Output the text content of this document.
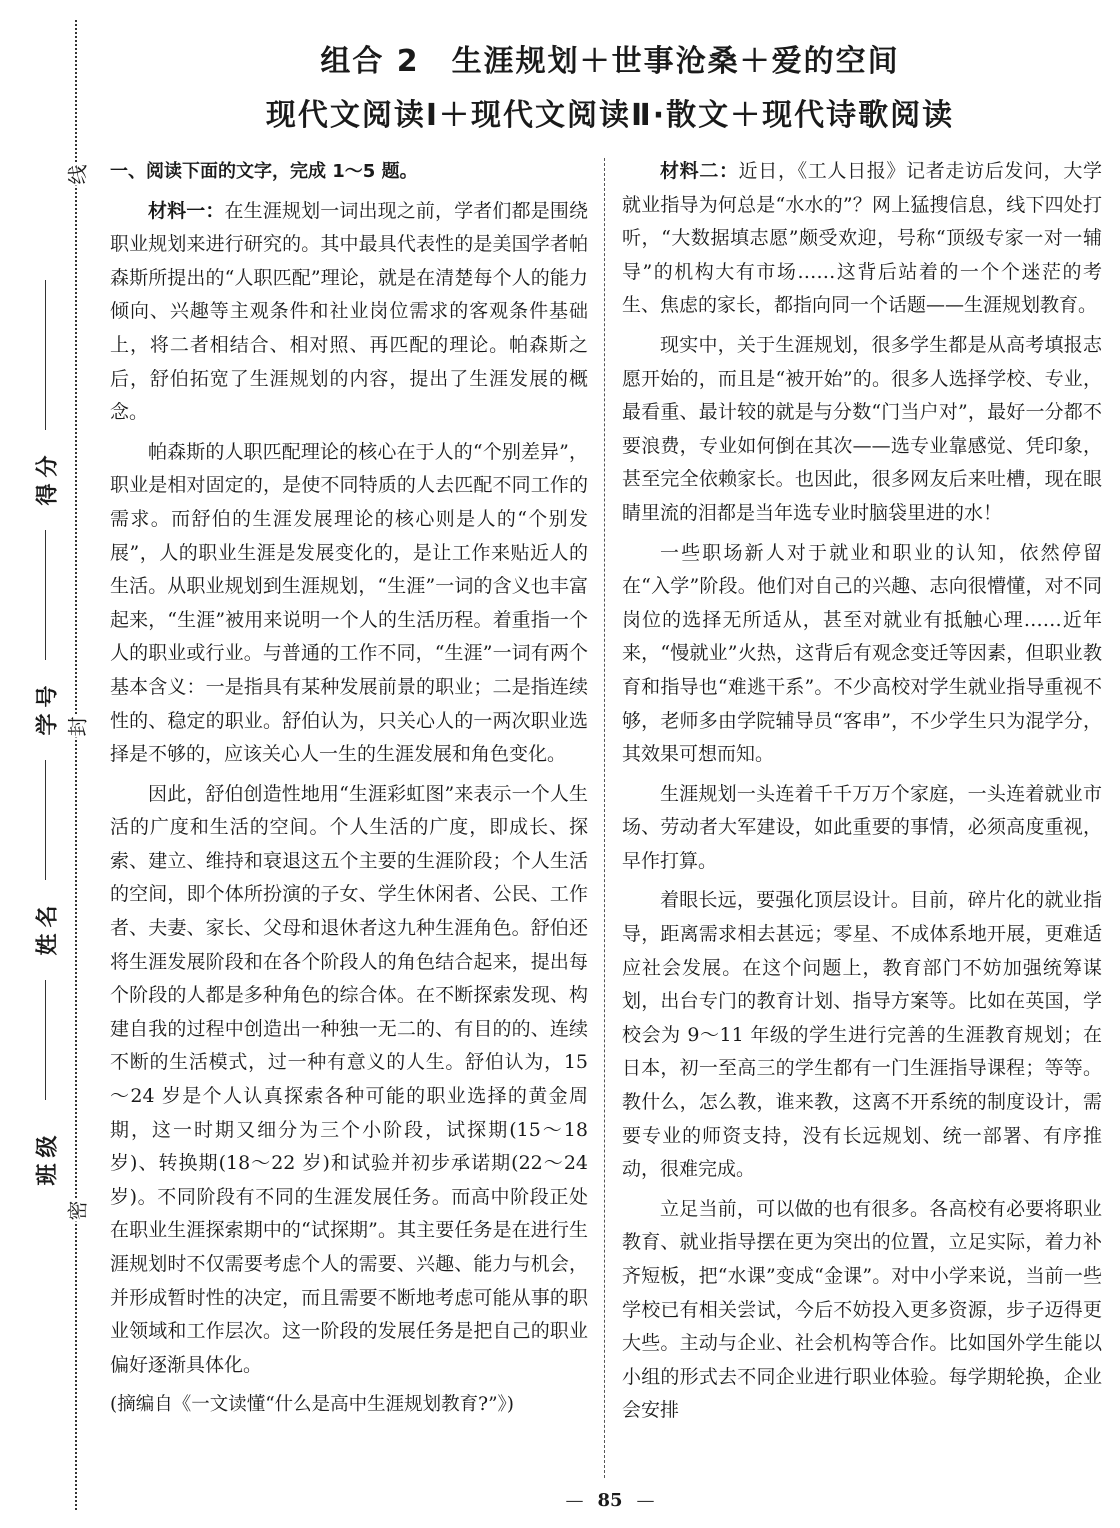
线
封
密
得分
学号
姓名
班级
组合 2　生涯规划＋世事沧桑＋爱的空间
现代文阅读Ⅰ＋现代文阅读Ⅱ·散文＋现代诗歌阅读

一、阅读下面的文字，完成 1～5 题。

材料一：在生涯规划一词出现之前，学者们都是围绕职业规划来进行研究的。其中最具代表性的是美国学者帕森斯所提出的“人职匹配”理论，就是在清楚每个人的能力倾向、兴趣等主观条件和社业岗位需求的客观条件基础上，将二者相结合、相对照、再匹配的理论。帕森斯之后，舒伯拓宽了生涯规划的内容，提出了生涯发展的概念。

帕森斯的人职匹配理论的核心在于人的“个别差异”，职业是相对固定的，是使不同特质的人去匹配不同工作的需求。而舒伯的生涯发展理论的核心则是人的“个别发展”，人的职业生涯是发展变化的，是让工作来贴近人的生活。从职业规划到生涯规划，“生涯”一词的含义也丰富起来，“生涯”被用来说明一个人的生活历程。着重指一个人的职业或行业。与普通的工作不同，“生涯”一词有两个基本含义：一是指具有某种发展前景的职业；二是指连续性的、稳定的职业。舒伯认为，只关心人的一两次职业选择是不够的，应该关心人一生的生涯发展和角色变化。

因此，舒伯创造性地用“生涯彩虹图”来表示一个人生活的广度和生活的空间。个人生活的广度，即成长、探索、建立、维持和衰退这五个主要的生涯阶段；个人生活的空间，即个体所扮演的子女、学生休闲者、公民、工作者、夫妻、家长、父母和退休者这九种生涯角色。舒伯还将生涯发展阶段和在各个阶段人的角色结合起来，提出每个阶段的人都是多种角色的综合体。在不断探索发现、构建自我的过程中创造出一种独一无二的、有目的的、连续不断的生活模式，过一种有意义的人生。舒伯认为，15～24 岁是个人认真探索各种可能的职业选择的黄金周期，这一时期又细分为三个小阶段，试探期(15～18 岁)、转换期(18～22 岁)和试验并初步承诺期(22～24 岁)。不同阶段有不同的生涯发展任务。而高中阶段正处在职业生涯探索期中的“试探期”。其主要任务是在进行生涯规划时不仅需要考虑个人的需要、兴趣、能力与机会，并形成暂时性的决定，而且需要不断地考虑可能从事的职业领域和工作层次。这一阶段的发展任务是把自己的职业偏好逐渐具体化。

(摘编自《一文读懂“什么是高中生涯规划教育?”》)

材料二：近日，《工人日报》记者走访后发问，大学就业指导为何总是“水水的”？网上猛搜信息，线下四处打听，“大数据填志愿”颇受欢迎，号称“顶级专家一对一辅导”的机构大有市场……这背后站着的一个个迷茫的考生、焦虑的家长，都指向同一个话题——生涯规划教育。

现实中，关于生涯规划，很多学生都是从高考填报志愿开始的，而且是“被开始”的。很多人选择学校、专业，最看重、最计较的就是与分数“门当户对”，最好一分都不要浪费，专业如何倒在其次——选专业靠感觉、凭印象，甚至完全依赖家长。也因此，很多网友后来吐槽，现在眼睛里流的泪都是当年选专业时脑袋里进的水！

一些职场新人对于就业和职业的认知，依然停留在“入学”阶段。他们对自己的兴趣、志向很懵懂，对不同岗位的选择无所适从，甚至对就业有抵触心理……近年来，“慢就业”火热，这背后有观念变迁等因素，但职业教育和指导也“难逃干系”。不少高校对学生就业指导重视不够，老师多由学院辅导员“客串”，不少学生只为混学分，其效果可想而知。

生涯规划一头连着千千万万个家庭，一头连着就业市场、劳动者大军建设，如此重要的事情，必须高度重视，早作打算。

着眼长远，要强化顶层设计。目前，碎片化的就业指导，距离需求相去甚远；零星、不成体系地开展，更难适应社会发展。在这个问题上，教育部门不妨加强统筹谋划，出台专门的教育计划、指导方案等。比如在英国，学校会为 9～11 年级的学生进行完善的生涯教育规划；在日本，初一至高三的学生都有一门生涯指导课程；等等。教什么，怎么教，谁来教，这离不开系统的制度设计，需要专业的师资支持，没有长远规划、统一部署、有序推动，很难完成。

立足当前，可以做的也有很多。各高校有必要将职业教育、就业指导摆在更为突出的位置，立足实际，着力补齐短板，把“水课”变成“金课”。对中小学来说，当前一些学校已有相关尝试，今后不妨投入更多资源，步子迈得更大些。主动与企业、社会机构等合作。比如国外学生能以小组的形式去不同企业进行职业体验。每学期轮换，企业会安排

— 85 —
